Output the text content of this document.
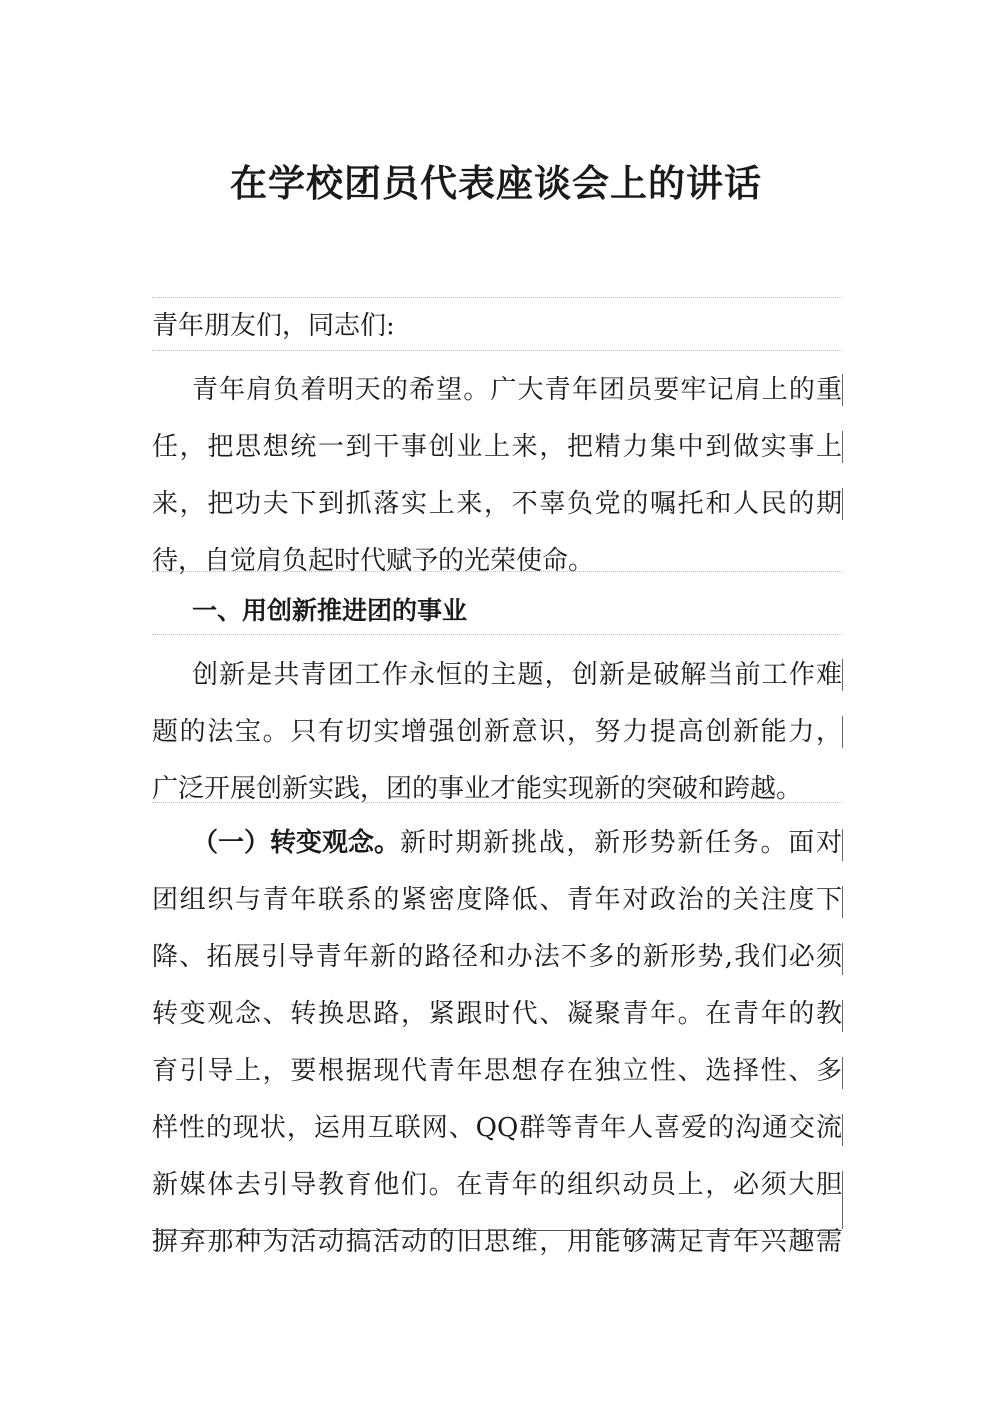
在学校团员代表座谈会上的讲话
青年朋友们，同志们:
青年肩负着明天的希望。广大青年团员要牢记肩上的重
任，把思想统一到干事创业上来，把精力集中到做实事上
来，把功夫下到抓落实上来，不辜负党的嘱托和人民的期
待，自觉肩负起时代赋予的光荣使命。
一、用创新推进团的事业
创新是共青团工作永恒的主题，创新是破解当前工作难
题的法宝。只有切实增强创新意识，努力提高创新能力，
广泛开展创新实践，团的事业才能实现新的突破和跨越。
（一）转变观念。 新时期新挑战，新形势新任务。面对
团组织与青年联系的紧密度降低、青年对政治的关注度下
降、拓展引导青年新的路径和办法不多的新形势,我们必须
转变观念、转换思路，紧跟时代、凝聚青年。在青年的教
育引导上，要根据现代青年思想存在独立性、选择性、多
样性的现状，运用互联网、QQ群等青年人喜爱的沟通交流
新媒体去引导教育他们。在青年的组织动员上，必须大胆
摒弃那种为活动搞活动的旧思维，用能够满足青年兴趣需
